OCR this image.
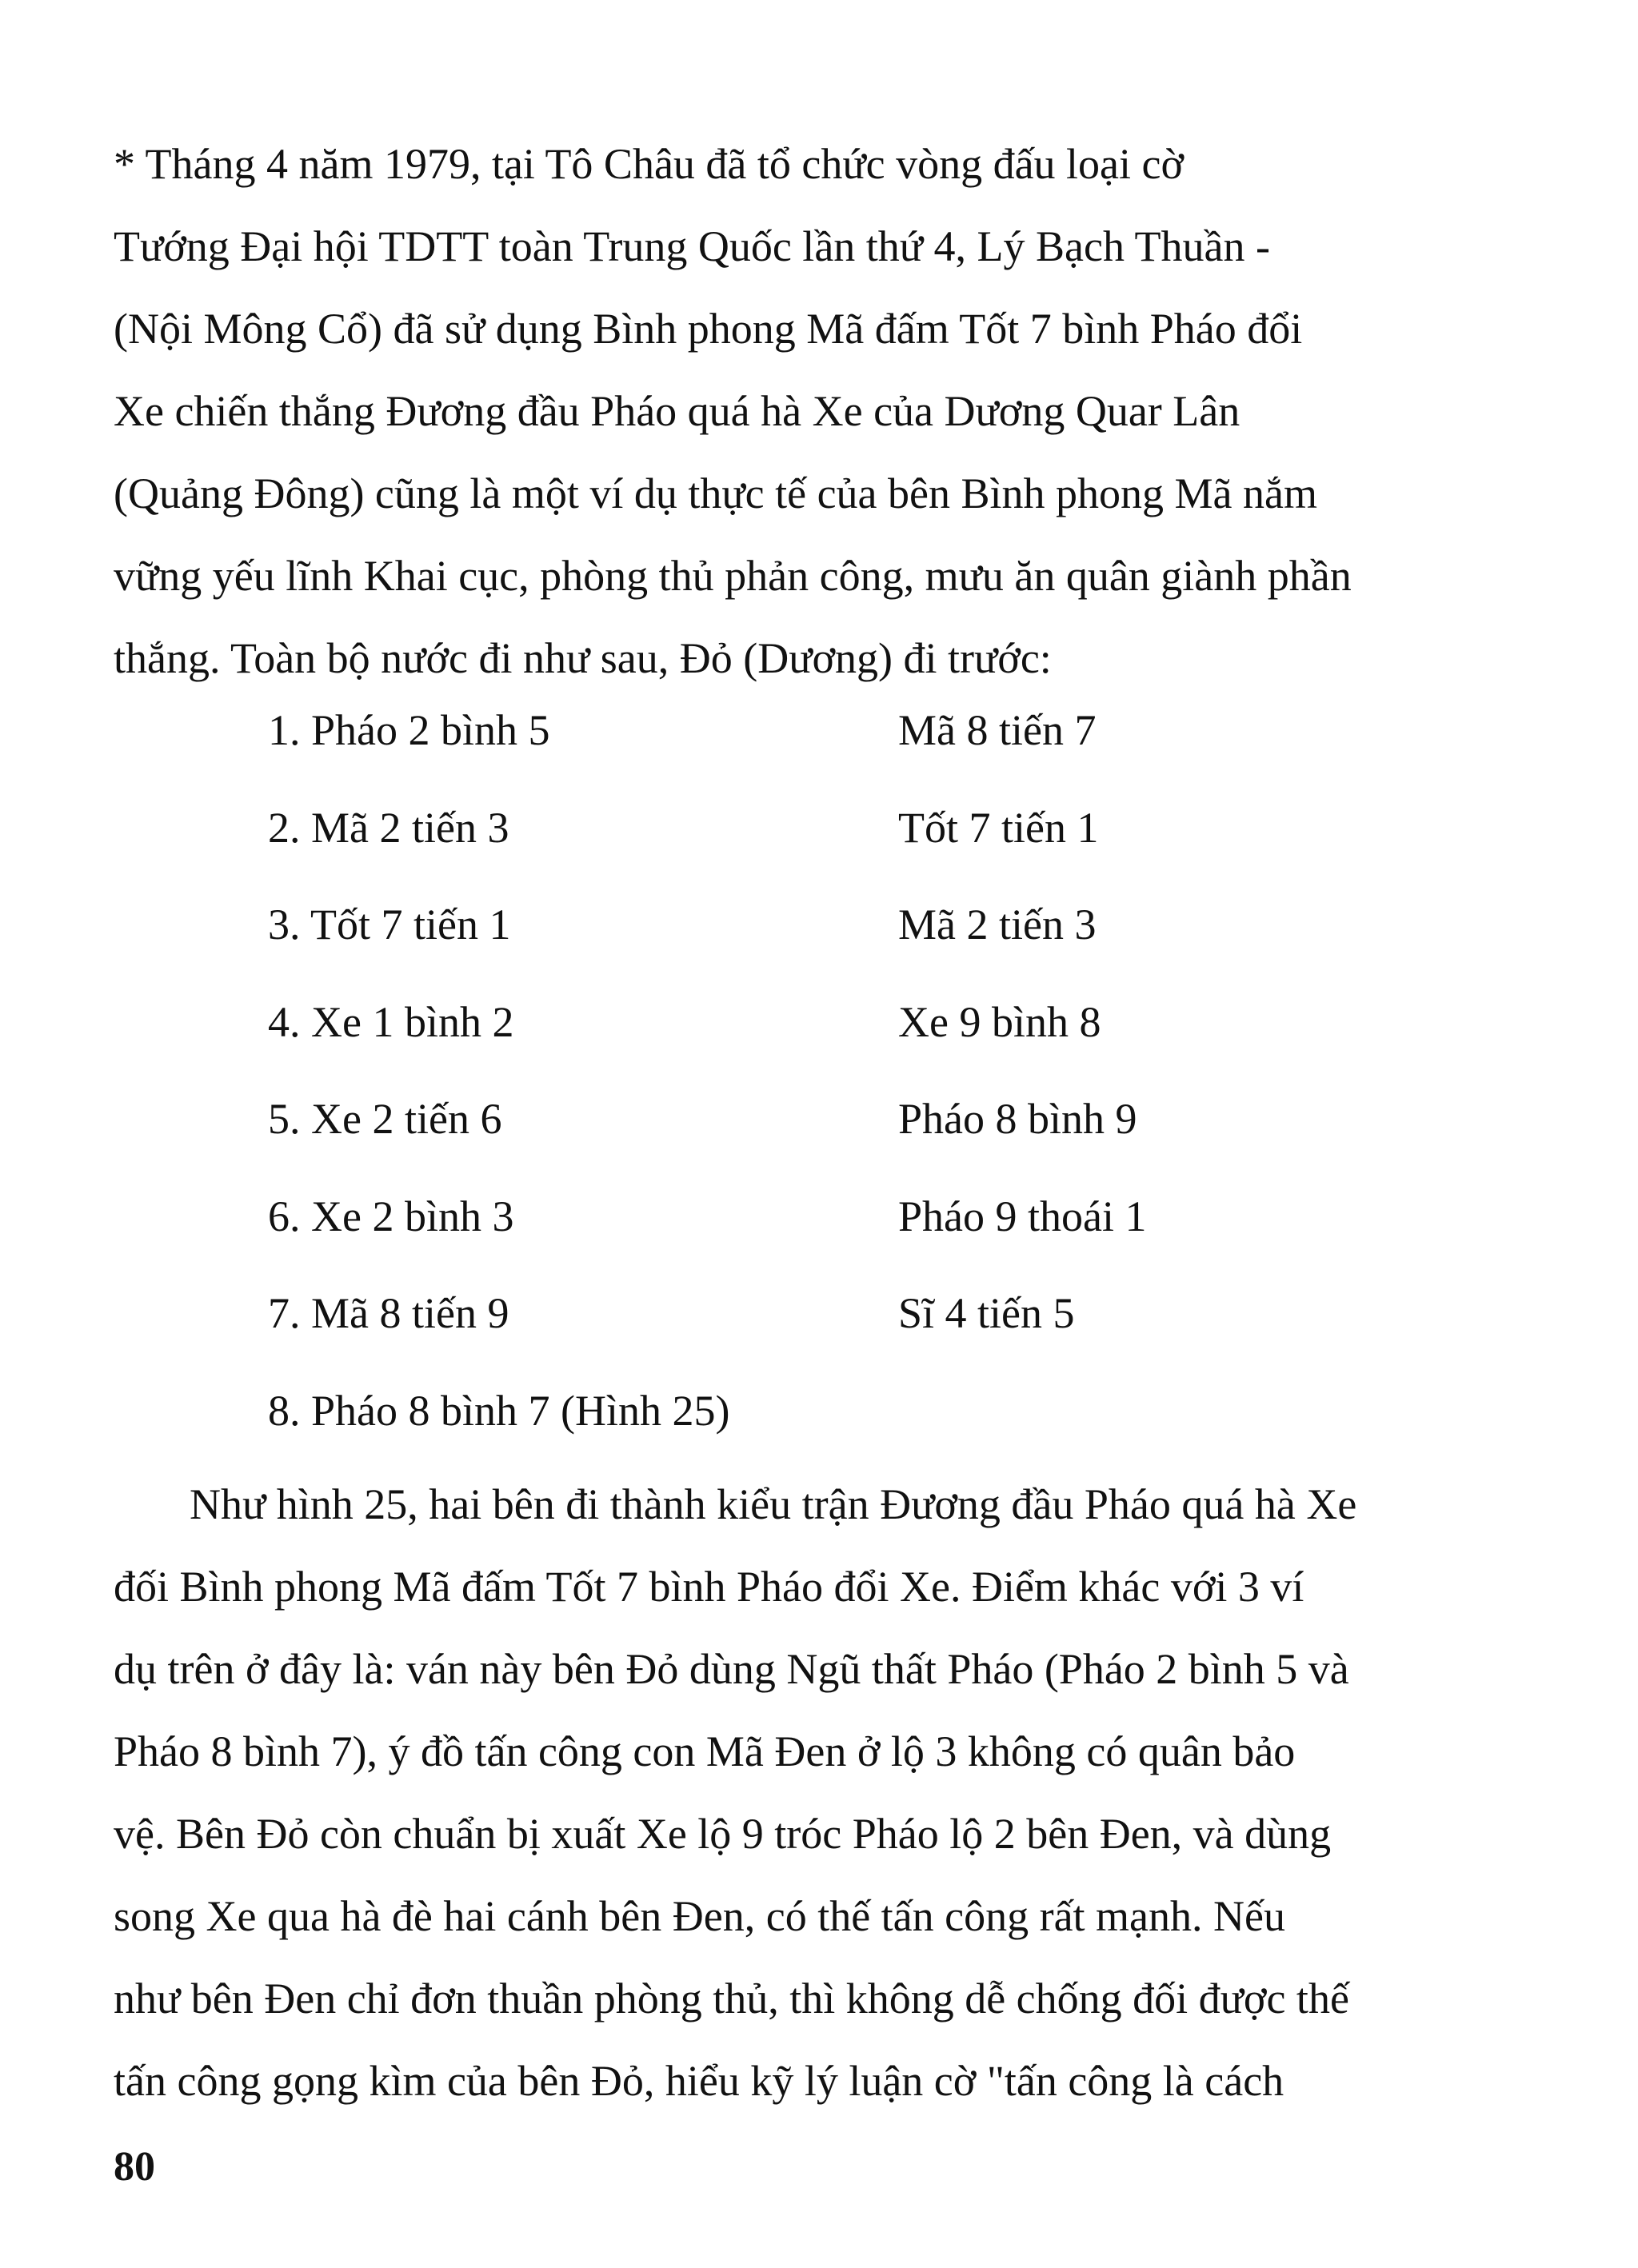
* Tháng 4 năm 1979, tại Tô Châu đã tổ chức vòng đấu loại cờ
Tướng Đại hội TDTT toàn Trung Quốc lần thứ 4, Lý Bạch Thuần -
(Nội Mông Cổ) đã sử dụng Bình phong Mã đấm Tốt 7 bình Pháo đổi
Xe chiến thắng Đương đầu Pháo quá hà Xe của Dương Quar Lân
(Quảng Đông) cũng là một ví dụ thực tế của bên Bình phong Mã nắm
vững yếu lĩnh Khai cục, phòng thủ phản công, mưu ăn quân giành phần
thắng. Toàn bộ nước đi như sau, Đỏ (Dương) đi trước:
1. Pháo 2 bình 5	Mã 8 tiến 7
2. Mã 2 tiến 3	Tốt 7 tiến 1
3. Tốt 7 tiến 1	Mã 2 tiến 3
4. Xe 1 bình 2	Xe 9 bình 8
5. Xe 2 tiến 6	Pháo 8 bình 9
6. Xe 2 bình 3	Pháo 9 thoái 1
7. Mã 8 tiến 9	Sĩ 4 tiến 5
8. Pháo 8 bình 7 (Hình 25)
Như hình 25, hai bên đi thành kiểu trận Đương đầu Pháo quá hà Xe
đối Bình phong Mã đấm Tốt 7 bình Pháo đổi Xe. Điểm khác với 3 ví
dụ trên ở đây là: ván này bên Đỏ dùng Ngũ thất Pháo (Pháo 2 bình 5 và
Pháo 8 bình 7), ý đồ tấn công con Mã Đen ở lộ 3 không có quân bảo
vệ. Bên Đỏ còn chuẩn bị xuất Xe lộ 9 tróc Pháo lộ 2 bên Đen, và dùng
song Xe qua hà đè hai cánh bên Đen, có thế tấn công rất mạnh. Nếu
như bên Đen chỉ đơn thuần phòng thủ, thì không dễ chống đối được thế
tấn công gọng kìm của bên Đỏ, hiểu kỹ lý luận cờ "tấn công là cách
80
